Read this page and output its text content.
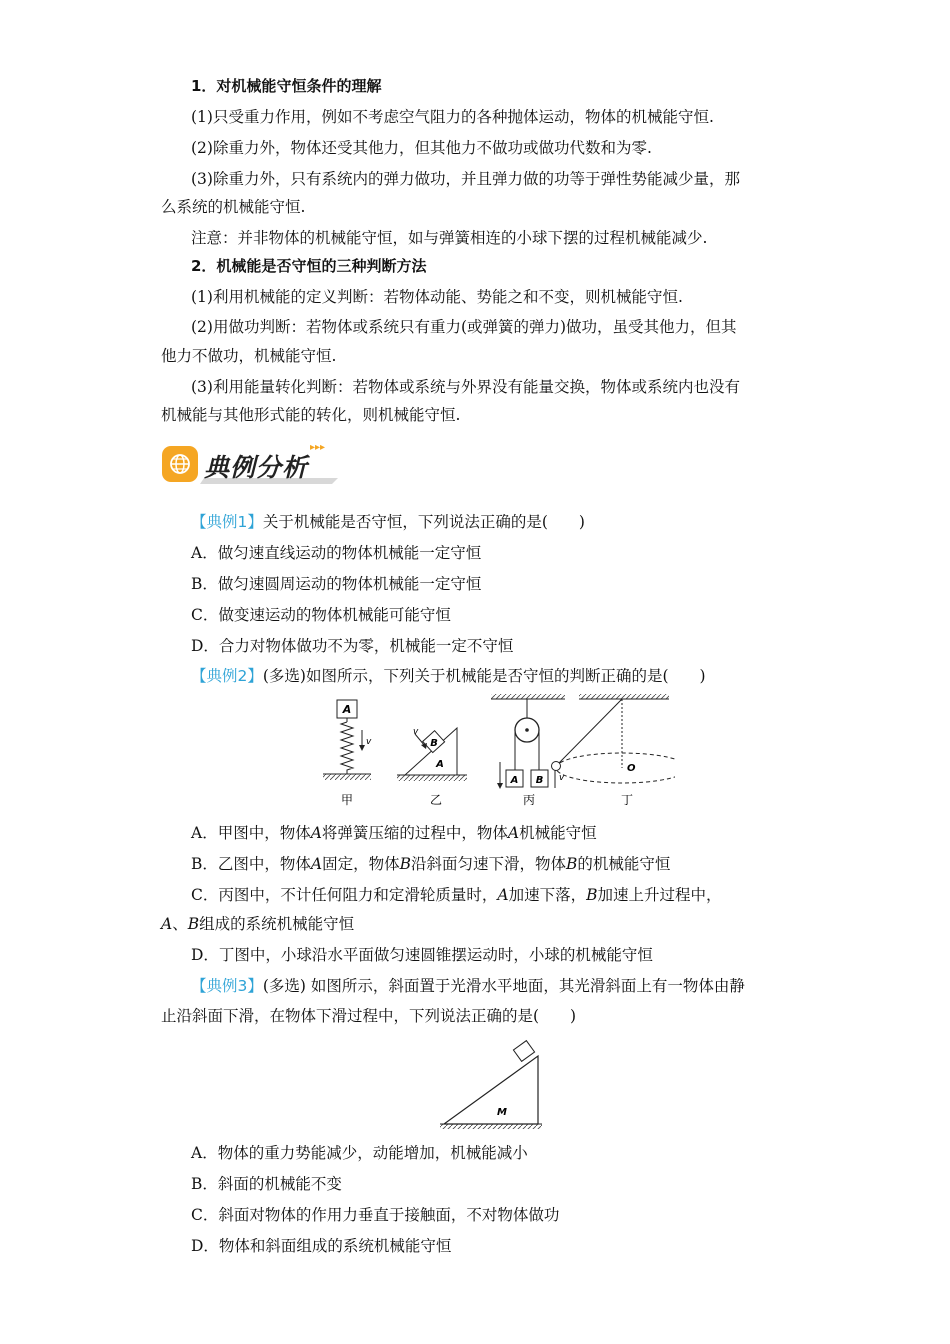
1．对机械能守恒条件的理解
(1)只受重力作用，例如不考虑空气阻力的各种抛体运动，物体的机械能守恒.
(2)除重力外，物体还受其他力，但其他力不做功或做功代数和为零.
(3)除重力外，只有系统内的弹力做功，并且弹力做的功等于弹性势能减少量，那
么系统的机械能守恒.
注意：并非物体的机械能守恒，如与弹簧相连的小球下摆的过程机械能减少.
2．机械能是否守恒的三种判断方法
(1)利用机械能的定义判断：若物体动能、势能之和不变，则机械能守恒.
(2)用做功判断：若物体或系统只有重力(或弹簧的弹力)做功，虽受其他力，但其
他力不做功，机械能守恒.
(3)利用能量转化判断：若物体或系统与外界没有能量交换，物体或系统内也没有
机械能与其他形式能的转化，则机械能守恒.
▸▸▸
典例分析
【典例1】关于机械能是否守恒，下列说法正确的是(　　)
A．做匀速直线运动的物体机械能一定守恒
B．做匀速圆周运动的物体机械能一定守恒
C．做变速运动的物体机械能可能守恒
D．合力对物体做功不为零，机械能一定不守恒
【典例2】(多选)如图所示，下列关于机械能是否守恒的判断正确的是(　　)
A
v
甲
B
A
v
乙
A B v
丙
O
丁
A．甲图中，物体A将弹簧压缩的过程中，物体A机械能守恒
B．乙图中，物体A固定，物体B沿斜面匀速下滑，物体B的机械能守恒
C．丙图中，不计任何阻力和定滑轮质量时，A加速下落，B加速上升过程中，
A、B组成的系统机械能守恒
D．丁图中，小球沿水平面做匀速圆锥摆运动时，小球的机械能守恒
【典例3】(多选) 如图所示，斜面置于光滑水平地面，其光滑斜面上有一物体由静
止沿斜面下滑，在物体下滑过程中，下列说法正确的是(　　)
M
A．物体的重力势能减少，动能增加，机械能减小
B．斜面的机械能不变
C．斜面对物体的作用力垂直于接触面，不对物体做功
D．物体和斜面组成的系统机械能守恒
